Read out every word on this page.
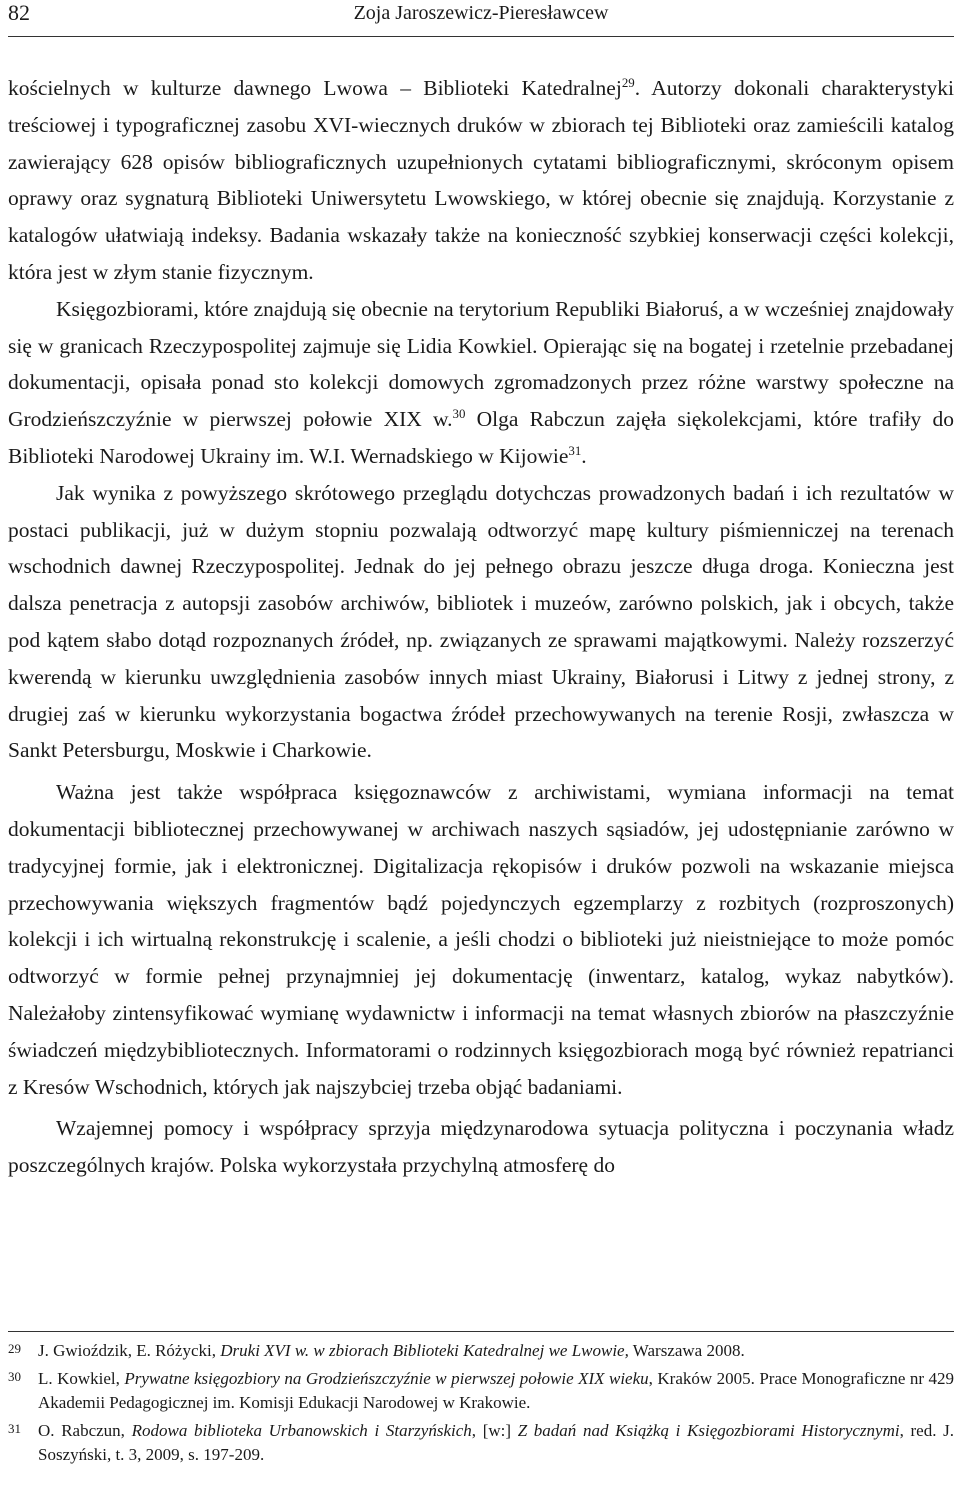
82	Zoja Jaroszewicz-Pieresławcew

kościelnych w kulturze dawnego Lwowa – Biblioteki Katedralnej$^{29}$. Autorzy dokonali charakterystyki treściowej i typograficznej zasobu XVI-wiecznych druków w zbiorach tej Biblioteki oraz zamieścili katalog zawierający 628 opisów bibliograficznych uzupełnionych cytatami bibliograficznymi, skróconym opisem oprawy oraz sygnaturą Biblioteki Uniwersytetu Lwowskiego, w której obecnie się znajdują. Korzystanie z katalogów ułatwiają indeksy. Badania wskazały także na konieczność szybkiej konserwacji części kolekcji, która jest w złym stanie fizycznym.

Księgozbiorami, które znajdują się obecnie na terytorium Republiki Białoruś, a w wcześniej znajdowały się w granicach Rzeczypospolitej zajmuje się Lidia Kowkiel. Opierając się na bogatej i rzetelnie przebadanej dokumentacji, opisała ponad sto kolekcji domowych zgromadzonych przez różne warstwy społeczne na Grodzieńszczyźnie w pierwszej połowie XIX w.$^{30}$ Olga Rabczun zajęła siękolekcjami, które trafiły do Biblioteki Narodowej Ukrainy im. W.I. Wernadskiego w Kijowie$^{31}$.

Jak wynika z powyższego skrótowego przeglądu dotychczas prowadzonych badań i ich rezultatów w postaci publikacji, już w dużym stopniu pozwalają odtworzyć mapę kultury piśmienniczej na terenach wschodnich dawnej Rzeczypospolitej. Jednak do jej pełnego obrazu jeszcze długa droga. Konieczna jest dalsza penetracja z autopsji zasobów archiwów, bibliotek i muzeów, zarówno polskich, jak i obcych, także pod kątem słabo dotąd rozpoznanych źródeł, np. związanych ze sprawami majątkowymi. Należy rozszerzyć kwerendą w kierunku uwzględnienia zasobów innych miast Ukrainy, Białorusi i Litwy z jednej strony, z drugiej zaś w kierunku wykorzystania bogactwa źródeł przechowywanych na terenie Rosji, zwłaszcza w Sankt Petersburgu, Moskwie i Charkowie.

Ważna jest także współpraca księgoznawców z archiwistami, wymiana informacji na temat dokumentacji bibliotecznej przechowywanej w archiwach naszych sąsiadów, jej udostępnianie zarówno w tradycyjnej formie, jak i elektronicznej. Digitalizacja rękopisów i druków pozwoli na wskazanie miejsca przechowywania większych fragmentów bądź pojedynczych egzemplarzy z rozbitych (rozproszonych) kolekcji i ich wirtualną rekonstrukcję i scalenie, a jeśli chodzi o biblioteki już nieistniejące to może pomóc odtworzyć w formie pełnej przynajmniej jej dokumentację (inwentarz, katalog, wykaz nabytków). Należałoby zintensyfikować wymianę wydawnictw i informacji na temat własnych zbiorów na płaszczyźnie świadczeń międzybibliotecznych. Informatorami o rodzinnych księgozbiorach mogą być również repatrianci z Kresów Wschodnich, których jak najszybciej trzeba objąć badaniami.

Wzajemnej pomocy i współpracy sprzyja międzynarodowa sytuacja polityczna i poczynania władz poszczególnych krajów. Polska wykorzystała przychylną atmosferę do

29 J. Gwioździk, E. Różycki, Druki XVI w. w zbiorach Biblioteki Katedralnej we Lwowie, Warszawa 2008.

30 L. Kowkiel, Prywatne księgozbiory na Grodzieńszczyźnie w pierwszej połowie XIX wieku, Kraków 2005. Prace Monograficzne nr 429 Akademii Pedagogicznej im. Komisji Edukacji Narodowej w Krakowie.

31 O. Rabczun, Rodowa biblioteka Urbanowskich i Starzyńskich, [w:] Z badań nad Książką i Księgozbiorami Historycznymi, red. J. Soszyński, t. 3, 2009, s. 197-209.
